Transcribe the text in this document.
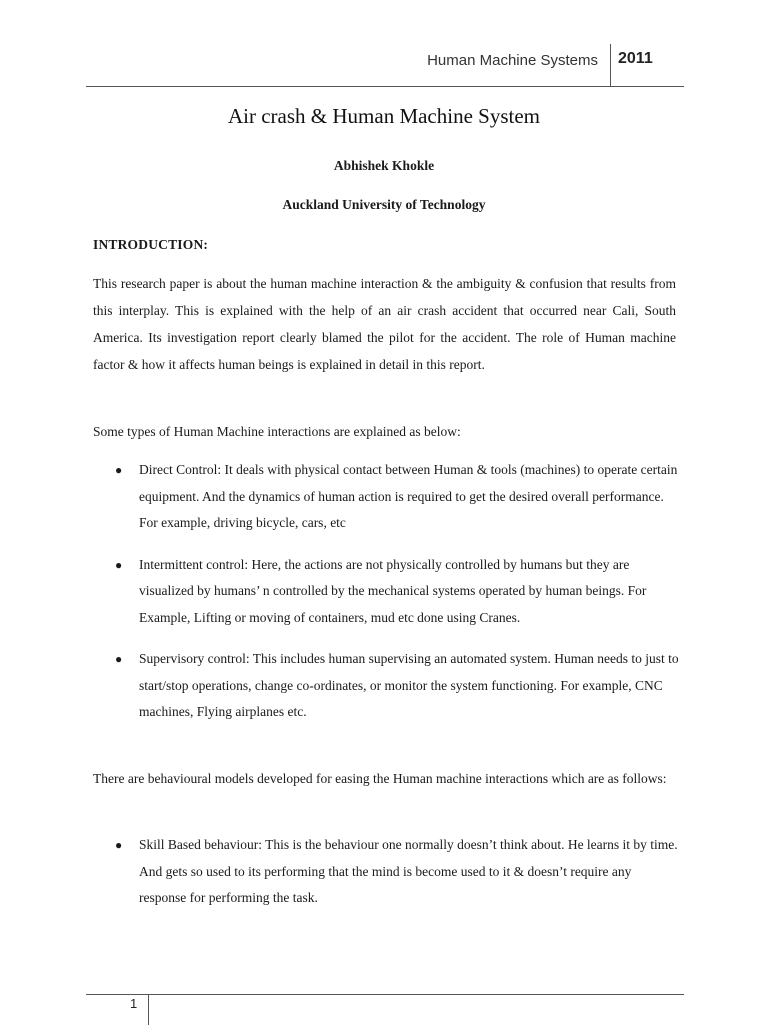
Human Machine Systems 2011
Air crash & Human Machine System
Abhishek Khokle
Auckland University of Technology
INTRODUCTION:

This research paper is about the human machine interaction & the ambiguity & confusion that results from this interplay. This is explained with the help of an air crash accident that occurred near Cali, South America. Its investigation report clearly blamed the pilot for the accident. The role of Human machine factor & how it affects human beings is explained in detail in this report.

Some types of Human Machine interactions are explained as below:

● Direct Control: It deals with physical contact between Human & tools (machines) to operate certain equipment. And the dynamics of human action is required to get the desired overall performance. For example, driving bicycle, cars, etc
● Intermittent control: Here, the actions are not physically controlled by humans but they are visualized by humans’ n controlled by the mechanical systems operated by human beings. For Example, Lifting or moving of containers, mud etc done using Cranes.
● Supervisory control: This includes human supervising an automated system. Human needs to just to start/stop operations, change co-ordinates, or monitor the system functioning. For example, CNC machines, Flying airplanes etc.

There are behavioural models developed for easing the Human machine interactions which are as follows:

● Skill Based behaviour: This is the behaviour one normally doesn’t think about. He learns it by time. And gets so used to its performing that the mind is become used to it & doesn’t require any response for performing the task.
1
